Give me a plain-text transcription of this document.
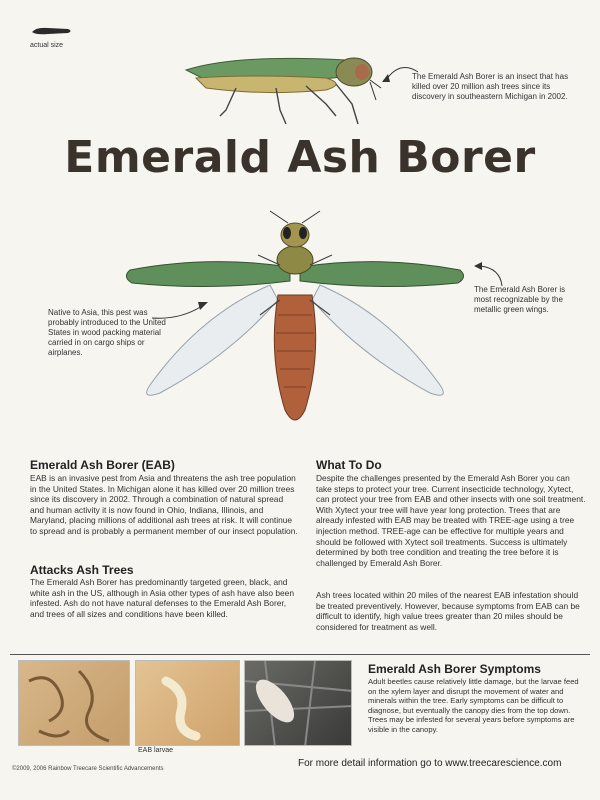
actual size
The Emerald Ash Borer is an insect that has killed over 20 million ash trees since its discovery in southeastern Michigan in 2002.
Emerald Ash Borer
Native to Asia, this pest was probably introduced to the United States in wood packing material carried in on cargo ships or airplanes.
The Emerald Ash Borer is most recognizable by the metallic green wings.
Emerald Ash Borer (EAB)
EAB is an invasive pest from Asia and threatens the ash tree population in the United States. In Michigan alone it has killed over 20 million trees since its discovery in 2002. Through a combination of natural spread and human activity it is now found in Ohio, Indiana, Illinois, and Maryland, placing millions of additional ash trees at risk. It will continue to spread and is probably a permanent member of our insect population.
Attacks Ash Trees
The Emerald Ash Borer has predominantly targeted green, black, and white ash in the US, although in Asia other types of ash have also been infested. Ash do not have natural defenses to the Emerald Ash Borer, and trees of all sizes and conditions have been killed.
What To Do
Despite the challenges presented by the Emerald Ash Borer you can take steps to protect your tree. Current insecticide technology, Xytect, can protect your tree from EAB and other insects with one soil treatment. With Xytect your tree will have year long protection. Trees that are already infested with EAB may be treated with TREE-age using a tree injection method. TREE-age can be effective for multiple years and should be followed with Xytect soil treatments. Success is ultimately determined by both tree condition and treating the tree before it is challenged by Emerald Ash Borer.
Ash trees located within 20 miles of the nearest EAB infestation should be treated preventively. However, because symptoms from EAB can be difficult to identify, high value trees greater than 20 miles should be considered for treatment as well.
EAB larvae
Emerald Ash Borer Symptoms
Adult beetles cause relatively little damage, but the larvae feed on the xylem layer and disrupt the movement of water and minerals within the tree. Early symptoms can be difficult to diagnose, but eventually the canopy dies from the top down. Trees may be infested for several years before symptoms are visible in the canopy.
©2009, 2006 Rainbow Treecare Scientific Advancements	For more detail information go to www.treecarescience.com
